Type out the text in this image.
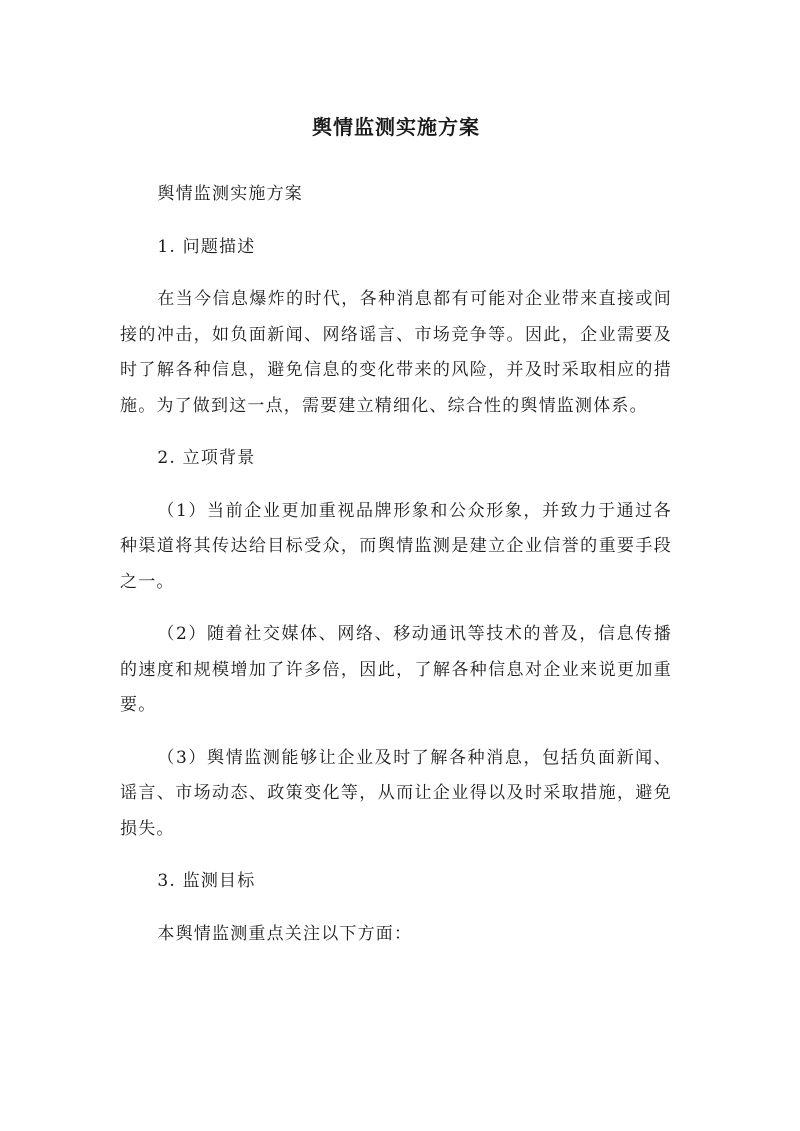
舆情监测实施方案

舆情监测实施方案

1. 问题描述

在当今信息爆炸的时代，各种消息都有可能对企业带来直接或间接的冲击，如负面新闻、网络谣言、市场竞争等。因此，企业需要及时了解各种信息，避免信息的变化带来的风险，并及时采取相应的措施。为了做到这一点，需要建立精细化、综合性的舆情监测体系。

2. 立项背景

（1）当前企业更加重视品牌形象和公众形象，并致力于通过各种渠道将其传达给目标受众，而舆情监测是建立企业信誉的重要手段之一。

（2）随着社交媒体、网络、移动通讯等技术的普及，信息传播的速度和规模增加了许多倍，因此，了解各种信息对企业来说更加重要。

（3）舆情监测能够让企业及时了解各种消息，包括负面新闻、谣言、市场动态、政策变化等，从而让企业得以及时采取措施，避免损失。

3. 监测目标

本舆情监测重点关注以下方面：
